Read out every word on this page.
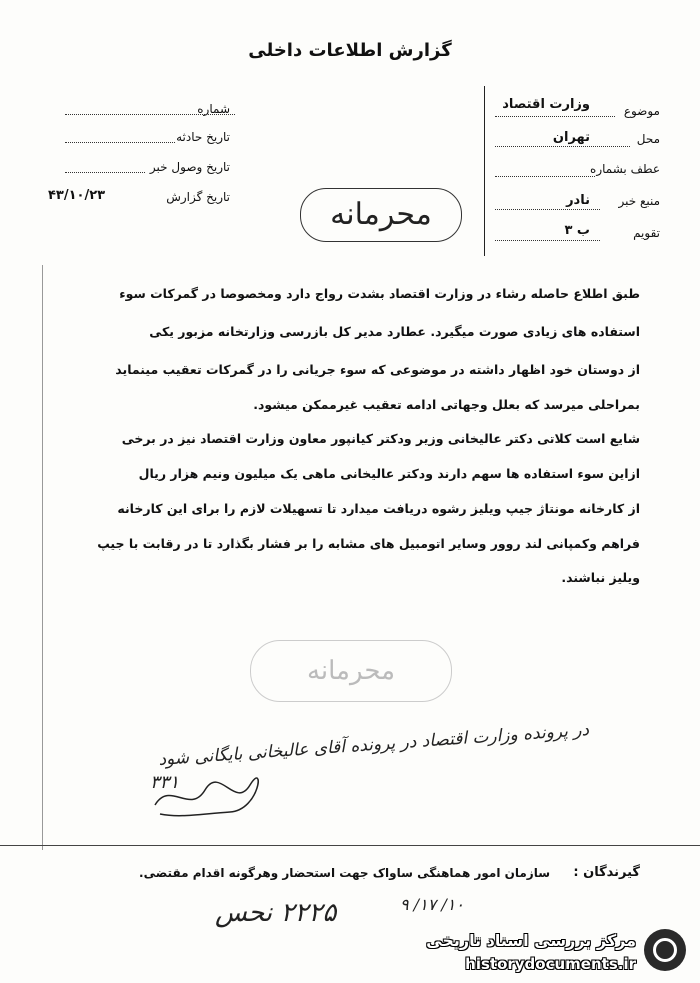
گزارش اطلاعات داخلی
موضوع
وزارت اقتصاد
محل
تهران
عطف بشماره
منبع خبر
نادر
تقویم
ب ۳
شماره
تاریخ حادثه
تاریخ وصول خبر
تاریخ گزارش
۴۳/۱۰/۲۳
محرمانه
طبق اطلاع حاصله رشاء در وزارت اقتصاد بشدت رواج دارد ومخصوصا در گمرکات سوء
استفاده های زیادی صورت میگیرد. عطارد مدیر کل بازرسی وزارتخانه مزبور یکی
از دوستان خود اظهار داشته در موضوعی که سوء جریانی را در گمرکات تعقیب مینماید
بمراحلی میرسد که بعلل وجهاتی ادامه تعقیب غیرممکن میشود.
شایع است کلاتی دکتر عالیخانی وزیر ودکتر کیانپور معاون وزارت اقتصاد نیز در برخی
ازاین سوء استفاده ها سهم دارند ودکتر عالیخانی ماهی یک میلیون ونیم هزار ریال
از کارخانه مونتاژ جیپ ویلیز رشوه دریافت میدارد تا تسهیلات لازم را برای این کارخانه
فراهم وکمپانی لند روور وسایر اتومبیل های مشابه را بر فشار بگذارد تا در رقابت با جیپ
ویلیز نباشند.
محرمانه
در پرونده وزارت اقتصاد در پرونده آقای عالیخانی بایگانی شود
۳۳۱
گیرندگان :
سازمان امور هماهنگی ساواک جهت استحضار وهرگونه اقدام مقتضی.
۹ /۱۷ /۱۰
۲۲۲۵ نحس
مرکز بررسی اسناد تاریخی
historydocuments.ir
